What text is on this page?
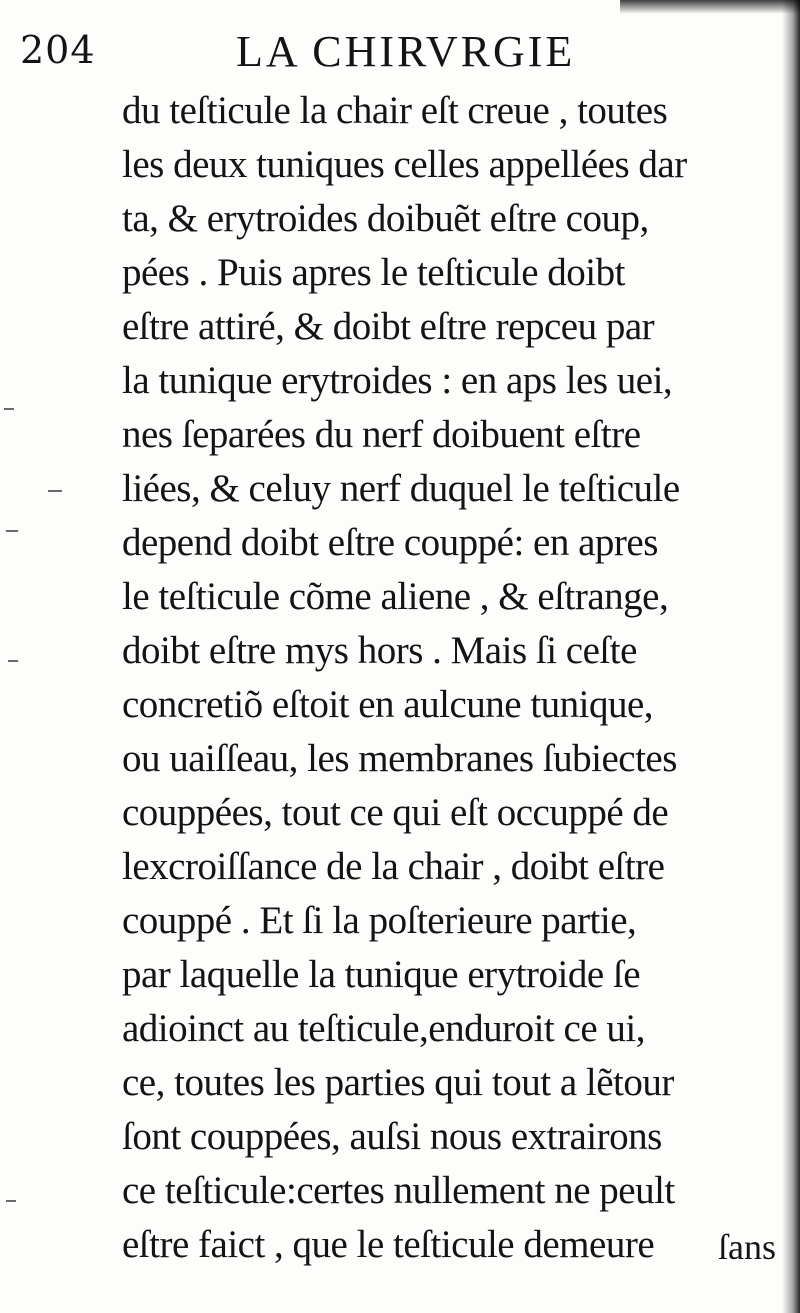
204	LA CHIRVRGIE
du teſticule la chair eſt creue , toutes
les deux tuniques celles appellées dar
ta, & erytroides doibuẽt eſtre coup,
pées . Puis apres le teſticule doibt
eſtre attiré, & doibt eſtre repceu par
la tunique erytroides : en aps les uei,
nes ſeparées du nerf doibuent eſtre
liées, & celuy nerf duquel le teſticule
depend doibt eſtre couppé: en apres
le teſticule cõme aliene , & eſtrange,
doibt eſtre mys hors . Mais ſi ceſte
concretiõ eſtoit en aulcune tunique,
ou uaiſſeau, les membranes ſubiectes
couppées, tout ce qui eſt occuppé de
lexcroiſſance de la chair , doibt eſtre
couppé . Et ſi la poſterieure partie,
par laquelle la tunique erytroide ſe
adioinct au teſticule,enduroit ce ui,
ce, toutes les parties qui tout a lẽtour
ſont couppées, auſsi nous extrairons
ce teſticule:certes nullement ne peult
eſtre faict , que le teſticule demeure	ſans
